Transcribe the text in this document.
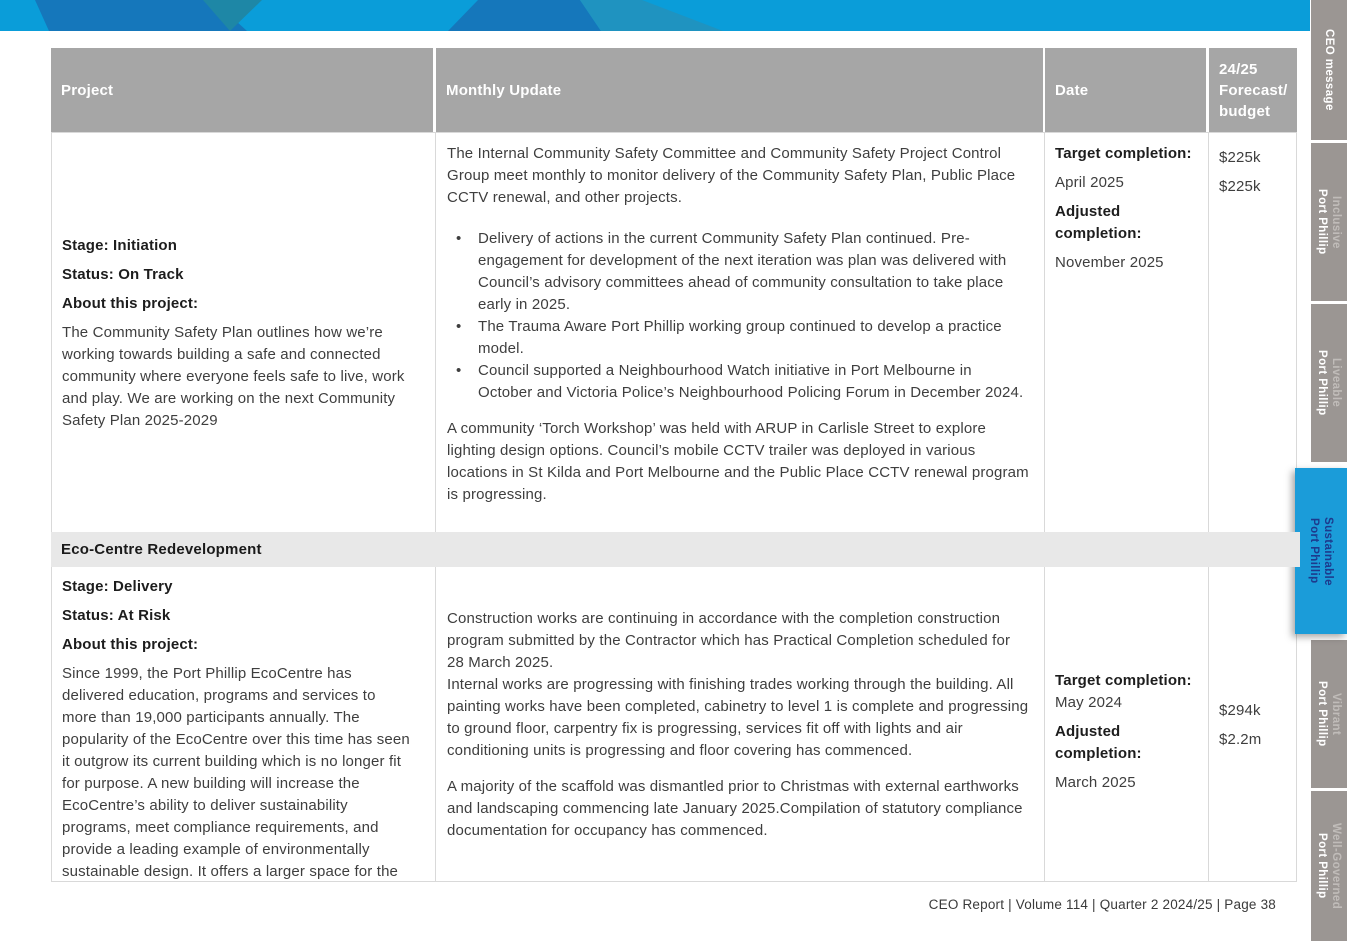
Project	Monthly Update	Date
24/25 Forecast/ budget
Stage: Initiation
Status: On Track
About this project:

The Community Safety Plan outlines how we’re working towards building a safe and connected community where everyone feels safe to live, work and play. We are working on the next Community Safety Plan 2025-2029

The Internal Community Safety Committee and Community Safety Project Control Group meet monthly to monitor delivery of the Community Safety Plan, Public Place CCTV renewal, and other projects.

• Delivery of actions in the current Community Safety Plan continued. Pre-engagement for development of the next iteration was plan was delivered with Council’s advisory committees ahead of community consultation to take place early in 2025.
• The Trauma Aware Port Phillip working group continued to develop a practice model.
• Council supported a Neighbourhood Watch initiative in Port Melbourne in October and Victoria Police’s Neighbourhood Policing Forum in December 2024.

A community ‘Torch Workshop’ was held with ARUP in Carlisle Street to explore lighting design options. Council’s mobile CCTV trailer was deployed in various locations in St Kilda and Port Melbourne and the Public Place CCTV renewal program is progressing.

Target completion:
April 2025
Adjusted completion:
November 2025
$225k
$225k
Eco-Centre Redevelopment
Stage: Delivery
Status: At Risk
About this project:

Since 1999, the Port Phillip EcoCentre has delivered education, programs and services to more than 19,000 participants annually. The popularity of the EcoCentre over this time has seen it outgrow its current building which is no longer fit for purpose. A new building will increase the EcoCentre’s ability to deliver sustainability programs, meet compliance requirements, and provide a leading example of environmentally sustainable design. It offers a larger space for the

Construction works are continuing in accordance with the completion construction program submitted by the Contractor which has Practical Completion scheduled for 28 March 2025.

Internal works are progressing with finishing trades working through the building. All painting works have been completed, cabinetry to level 1 is complete and progressing to ground floor, carpentry fix is progressing, services fit off with lights and air conditioning units is progressing and floor covering has commenced.

A majority of the scaffold was dismantled prior to Christmas with external earthworks and landscaping commencing late January 2025.Compilation of statutory compliance documentation for occupancy has commenced.

Target completion:
May 2024
Adjusted completion:
March 2025
$294k
$2.2m
CEO message
Inclusive
Port Phillip
Liveable
Port Phillip
Sustainable
Port Phillip
Vibrant
Port Phillip
Well-Governed
Port Phillip
CEO Report | Volume 114 | Quarter 2 2024/25 | Page 38
